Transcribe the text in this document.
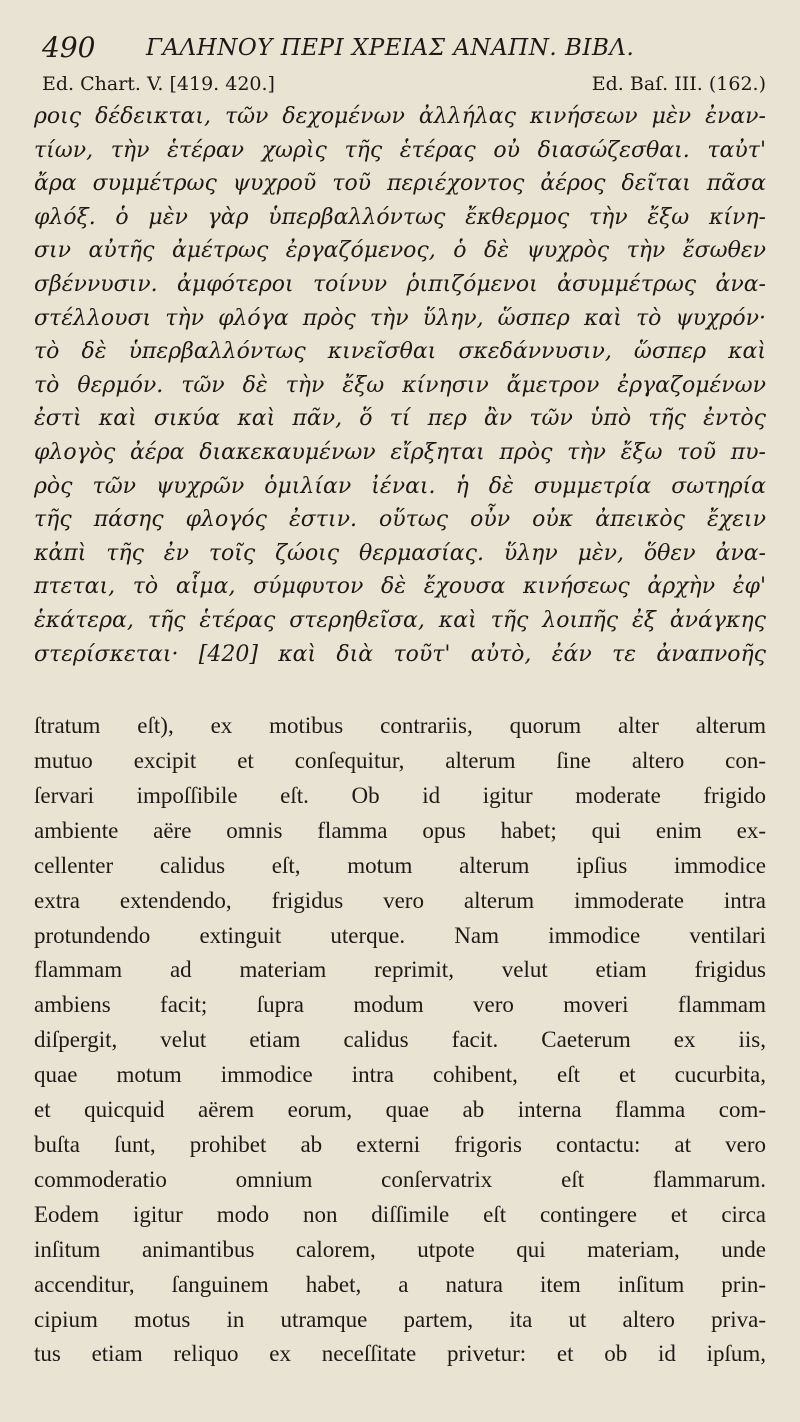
490 ΓΑΛΗΝΟΥ ΠΕΡΙ ΧΡΕΙΑΣ ΑΝΑΠΝ. ΒΙΒΛ.
Ed. Chart. V. [419. 420.]	Ed. Baſ. III. (162.)
ροις δέδεικται, τῶν δεχομένων ἀλλήλας κινήσεων μὲν ἐναν-
τίων, τὴν ἑτέραν χωρὶς τῆς ἑτέρας οὐ διασώζεσθαι. ταὐτ'
ἄρα συμμέτρως ψυχροῦ τοῦ περιέχοντος ἀέρος δεῖται πᾶσα
φλόξ. ὁ μὲν γὰρ ὑπερβαλλόντως ἔκθερμος τὴν ἔξω κίνη-
σιν αὐτῆς ἀμέτρως ἐργαζόμενος, ὁ δὲ ψυχρὸς τὴν ἔσωθεν
σβέννυσιν. ἀμφότεροι τοίνυν ῥιπιζόμενοι ἀσυμμέτρως ἀνα-
στέλλουσι τὴν φλόγα πρὸς τὴν ὕλην, ὥσπερ καὶ τὸ ψυχρόν·
τὸ δὲ ὑπερβαλλόντως κινεῖσθαι σκεδάννυσιν, ὥσπερ καὶ
τὸ θερμόν. τῶν δὲ τὴν ἔξω κίνησιν ἄμετρον ἐργαζομένων
ἐστὶ καὶ σικύα καὶ πᾶν, ὅ τί περ ἂν τῶν ὑπὸ τῆς ἐντὸς
φλογὸς ἀέρα διακεκαυμένων εἴρξηται πρὸς τὴν ἔξω τοῦ πυ-
ρὸς τῶν ψυχρῶν ὁμιλίαν ἰέναι. ἡ δὲ συμμετρία σωτηρία
τῆς πάσης φλογός ἐστιν. οὕτως οὖν οὐκ ἀπεικὸς ἔχειν
κἀπὶ τῆς ἐν τοῖς ζώοις θερμασίας. ὕλην μὲν, ὅθεν ἀνα-
πτεται, τὸ αἷμα, σύμφυτον δὲ ἔχουσα κινήσεως ἀρχὴν ἐφ'
ἑκάτερα, τῆς ἑτέρας στερηθεῖσα, καὶ τῆς λοιπῆς ἐξ ἀνάγκης
στερίσκεται· [420] καὶ διὰ τοῦτ' αὐτὸ, ἐάν τε ἀναπνοῆς
ſtratum eſt), ex motibus contrariis, quorum alter alterum
mutuo excipit et conſequitur, alterum ſine altero con-
ſervari impoſſibile eſt. Ob id igitur moderate frigido
ambiente aëre omnis flamma opus habet; qui enim ex-
cellenter calidus eſt, motum alterum ipſius immodice
extra extendendo, frigidus vero alterum immoderate intra
protundendo extinguit uterque. Nam immodice ventilari
flammam ad materiam reprimit, velut etiam frigidus
ambiens facit; ſupra modum vero moveri flammam
diſpergit, velut etiam calidus facit. Caeterum ex iis,
quae motum immodice intra cohibent, eſt et cucurbita,
et quicquid aërem eorum, quae ab interna flamma com-
buſta ſunt, prohibet ab externi frigoris contactu: at vero
commoderatio omnium conſervatrix eſt flammarum.
Eodem igitur modo non diſſimile eſt contingere et circa
inſitum animantibus calorem, utpote qui materiam, unde
accenditur, ſanguinem habet, a natura item inſitum prin-
cipium motus in utramque partem, ita ut altero priva-
tus etiam reliquo ex neceſſitate privetur: et ob id ipſum,
